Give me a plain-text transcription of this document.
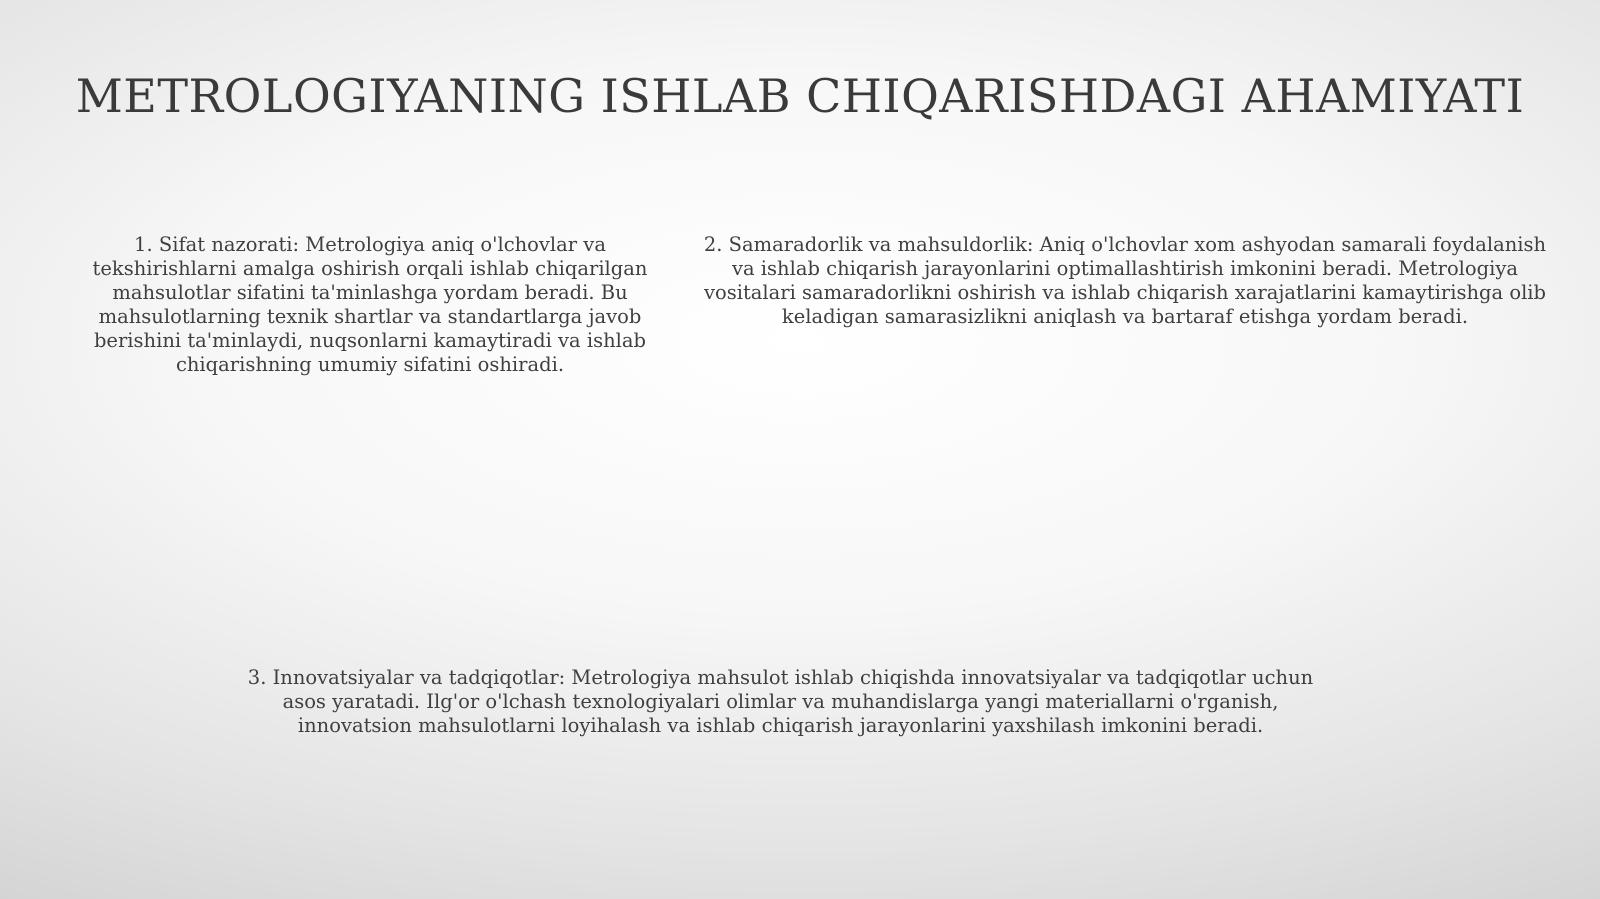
METROLOGIYANING ISHLAB CHIQARISHDAGI AHAMIYATI
1. Sifat nazorati: Metrologiya aniq o'lchovlar va tekshirishlarni amalga oshirish orqali ishlab chiqarilgan mahsulotlar sifatini ta'minlashga yordam beradi. Bu mahsulotlarning texnik shartlar va standartlarga javob berishini ta'minlaydi, nuqsonlarni kamaytiradi va ishlab chiqarishning umumiy sifatini oshiradi.
2. Samaradorlik va mahsuldorlik: Aniq o'lchovlar xom ashyodan samarali foydalanish va ishlab chiqarish jarayonlarini optimallashtirish imkonini beradi. Metrologiya vositalari samaradorlikni oshirish va ishlab chiqarish xarajatlarini kamaytirishga olib keladigan samarasizlikni aniqlash va bartaraf etishga yordam beradi.
3. Innovatsiyalar va tadqiqotlar: Metrologiya mahsulot ishlab chiqishda innovatsiyalar va tadqiqotlar uchun asos yaratadi. Ilg'or o'lchash texnologiyalari olimlar va muhandislarga yangi materiallarni o'rganish, innovatsion mahsulotlarni loyihalash va ishlab chiqarish jarayonlarini yaxshilash imkonini beradi.
